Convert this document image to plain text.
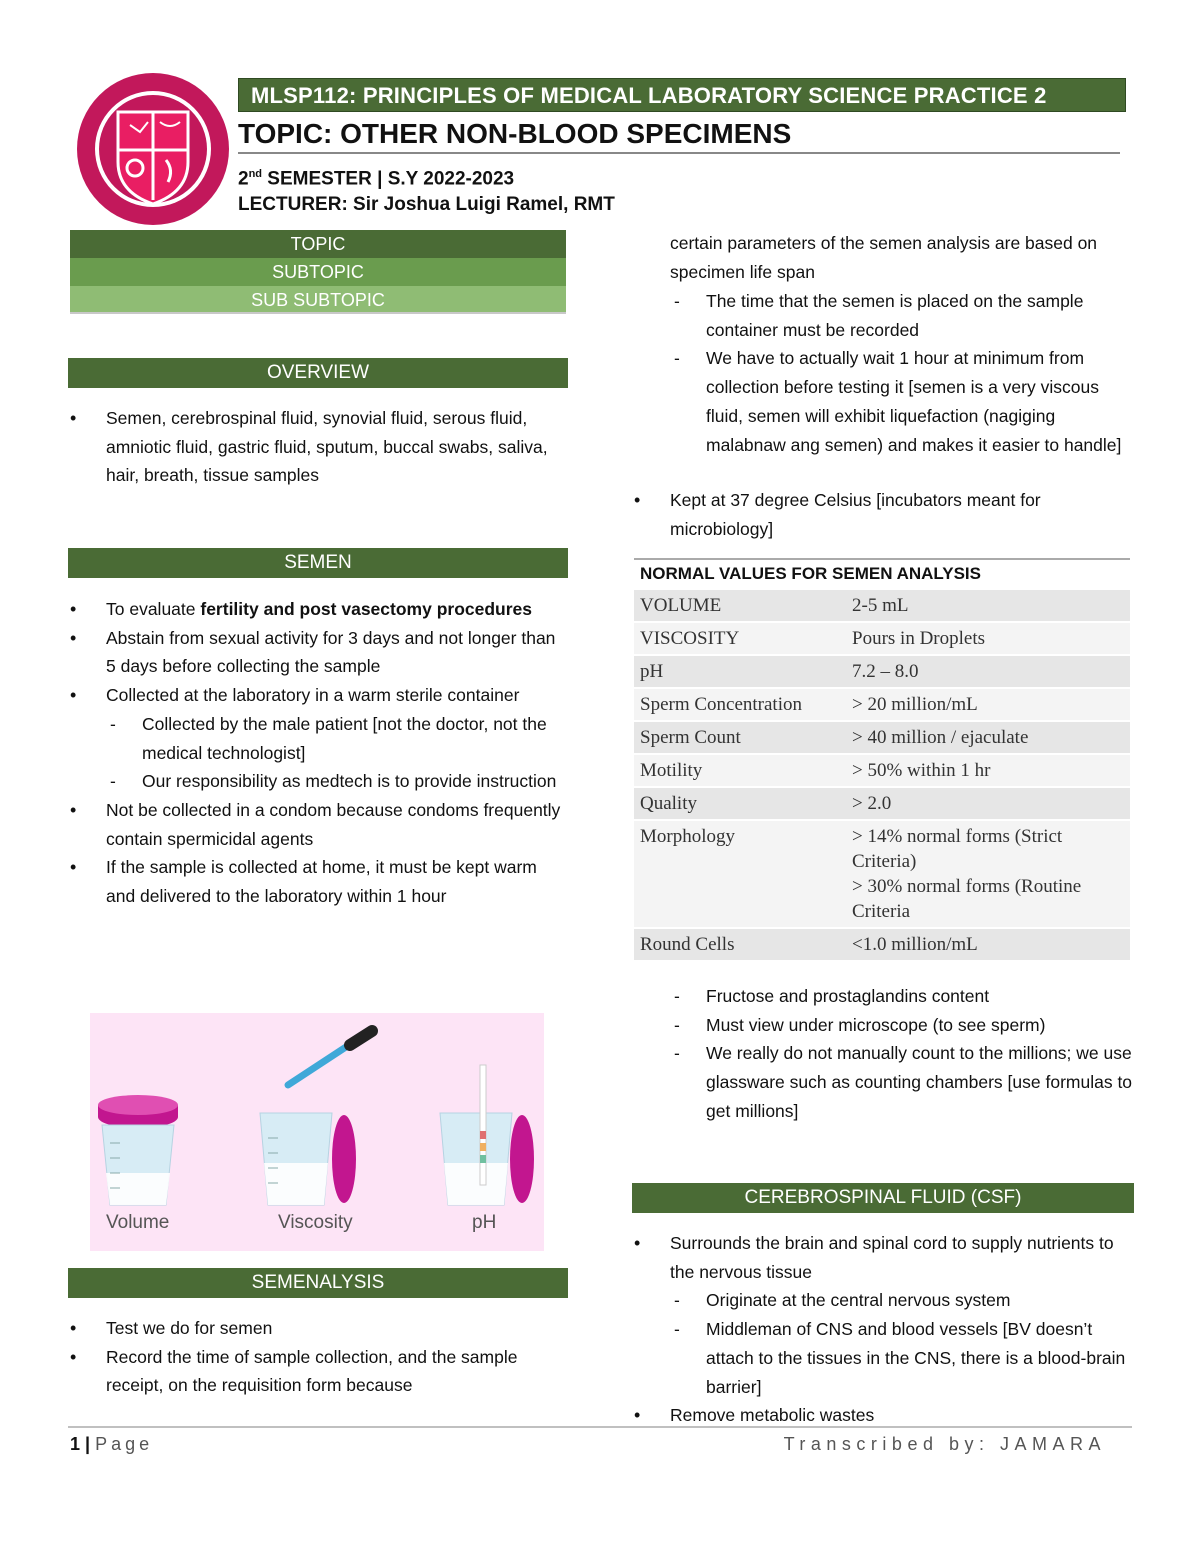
MLSP112: PRINCIPLES OF MEDICAL LABORATORY SCIENCE PRACTICE 2
TOPIC: OTHER NON-BLOOD SPECIMENS
2nd SEMESTER | S.Y 2022-2023
LECTURER: Sir Joshua Luigi Ramel, RMT
TOPIC
SUBTOPIC
SUB SUBTOPIC
OVERVIEW
• Semen, cerebrospinal fluid, synovial fluid, serous fluid, amniotic fluid, gastric fluid, sputum, buccal swabs, saliva, hair, breath, tissue samples
SEMEN
• To evaluate fertility and post vasectomy procedures
• Abstain from sexual activity for 3 days and not longer than 5 days before collecting the sample
• Collected at the laboratory in a warm sterile container
- Collected by the male patient [not the doctor, not the medical technologist]
- Our responsibility as medtech is to provide instruction
• Not be collected in a condom because condoms frequently contain spermicidal agents
• If the sample is collected at home, it must be kept warm and delivered to the laboratory within 1 hour
Volume	Viscosity	pH
SEMENALYSIS
• Test we do for semen
• Record the time of sample collection, and the sample receipt, on the requisition form because
certain parameters of the semen analysis are based on specimen life span
- The time that the semen is placed on the sample container must be recorded
- We have to actually wait 1 hour at minimum from collection before testing it [semen is a very viscous fluid, semen will exhibit liquefaction (nagiging malabnaw ang semen) and makes it easier to handle]
• Kept at 37 degree Celsius [incubators meant for microbiology]
NORMAL VALUES FOR SEMEN ANALYSIS	
VOLUME	2-5 mL
VISCOSITY	Pours in Droplets
pH	7.2 – 8.0
Sperm Concentration	> 20 million/mL
Sperm Count	> 40 million / ejaculate
Motility	> 50% within 1 hr
Quality	> 2.0
Morphology	> 14% normal forms (Strict Criteria)
> 30% normal forms (Routine Criteria

Round Cells	<1.0 million/mL
- Fructose and prostaglandins content
- Must view under microscope (to see sperm)
- We really do not manually count to the millions; we use glassware such as counting chambers [use formulas to get millions]
CEREBROSPINAL FLUID (CSF)
• Surrounds the brain and spinal cord to supply nutrients to the nervous tissue
- Originate at the central nervous system
- Middleman of CNS and blood vessels [BV doesn’t attach to the tissues in the CNS, there is a blood-brain barrier]
• Remove metabolic wastes
1 | Page	Transcribed by: JAMARA
